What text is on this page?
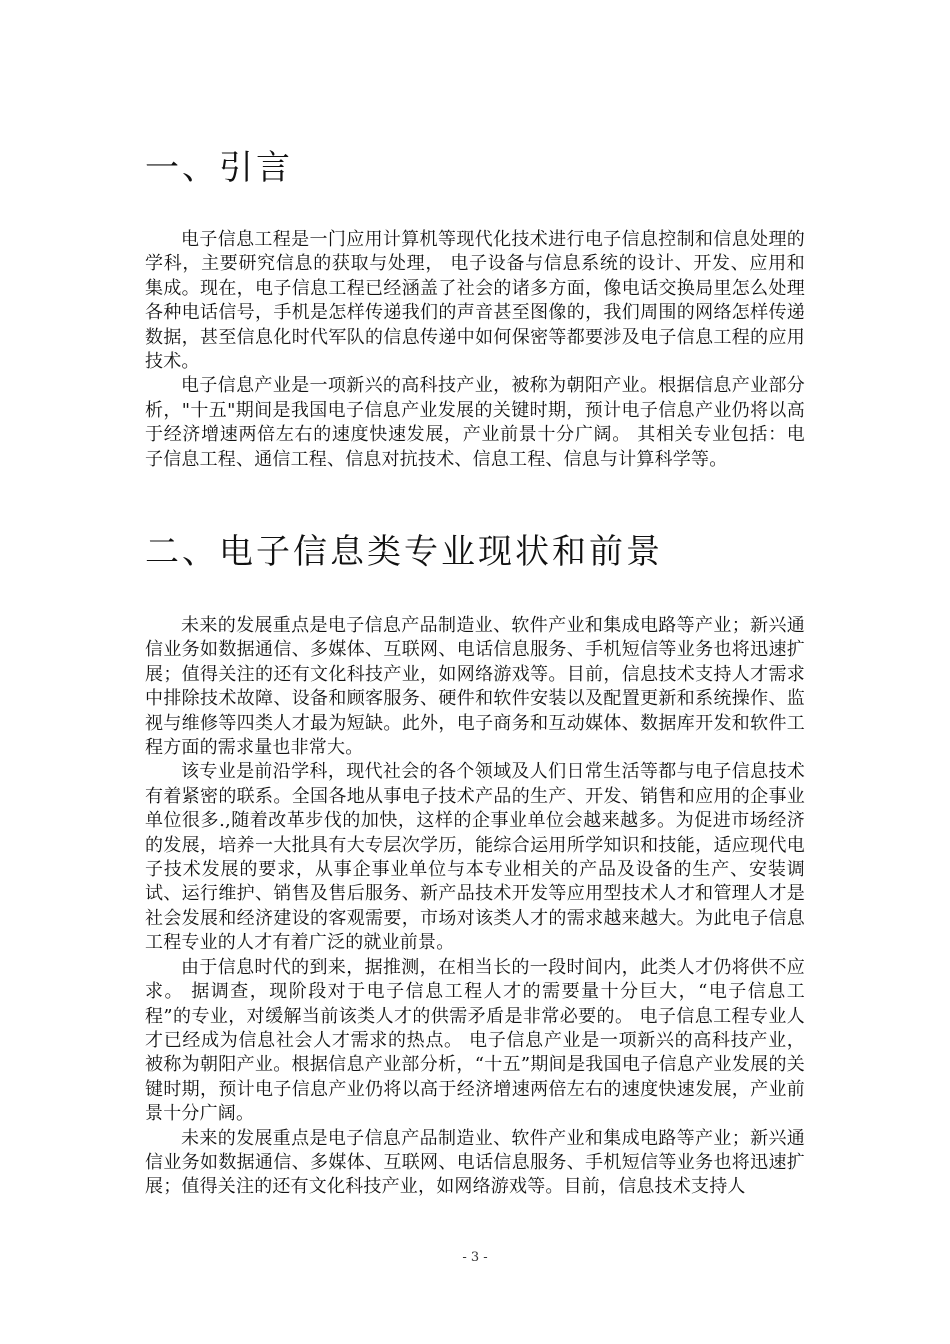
一、引言

电子信息工程是一门应用计算机等现代化技术进行电子信息控制和信息处理的学科，主要研究信息的获取与处理， 电子设备与信息系统的设计、开发、应用和集成。现在，电子信息工程已经涵盖了社会的诸多方面，像电话交换局里怎么处理各种电话信号，手机是怎样传递我们的声音甚至图像的，我们周围的网络怎样传递数据，甚至信息化时代军队的信息传递中如何保密等都要涉及电子信息工程的应用技术。

电子信息产业是一项新兴的高科技产业，被称为朝阳产业。根据信息产业部分析，"十五"期间是我国电子信息产业发展的关键时期，预计电子信息产业仍将以高于经济增速两倍左右的速度快速发展，产业前景十分广阔。 其相关专业包括：电子信息工程、通信工程、信息对抗技术、信息工程、信息与计算科学等。

二、电子信息类专业现状和前景

未来的发展重点是电子信息产品制造业、软件产业和集成电路等产业；新兴通信业务如数据通信、多媒体、互联网、电话信息服务、手机短信等业务也将迅速扩展；值得关注的还有文化科技产业，如网络游戏等。目前，信息技术支持人才需求中排除技术故障、设备和顾客服务、硬件和软件安装以及配置更新和系统操作、监视与维修等四类人才最为短缺。此外，电子商务和互动媒体、数据库开发和软件工程方面的需求量也非常大。

该专业是前沿学科，现代社会的各个领域及人们日常生活等都与电子信息技术有着紧密的联系。全国各地从事电子技术产品的生产、开发、销售和应用的企事业单位很多.,随着改革步伐的加快，这样的企事业单位会越来越多。为促进市场经济的发展，培养一大批具有大专层次学历，能综合运用所学知识和技能，适应现代电子技术发展的要求，从事企事业单位与本专业相关的产品及设备的生产、安装调试、运行维护、销售及售后服务、新产品技术开发等应用型技术人才和管理人才是社会发展和经济建设的客观需要，市场对该类人才的需求越来越大。为此电子信息工程专业的人才有着广泛的就业前景。

由于信息时代的到来，据推测，在相当长的一段时间内，此类人才仍将供不应求。 据调查，现阶段对于电子信息工程人才的需要量十分巨大，“电子信息工程”的专业，对缓解当前该类人才的供需矛盾是非常必要的。 电子信息工程专业人才已经成为信息社会人才需求的热点。 电子信息产业是一项新兴的高科技产业，被称为朝阳产业。根据信息产业部分析，“十五”期间是我国电子信息产业发展的关键时期，预计电子信息产业仍将以高于经济增速两倍左右的速度快速发展，产业前景十分广阔。

未来的发展重点是电子信息产品制造业、软件产业和集成电路等产业；新兴通信业务如数据通信、多媒体、互联网、电话信息服务、手机短信等业务也将迅速扩展；值得关注的还有文化科技产业，如网络游戏等。目前，信息技术支持人

- 3 -
